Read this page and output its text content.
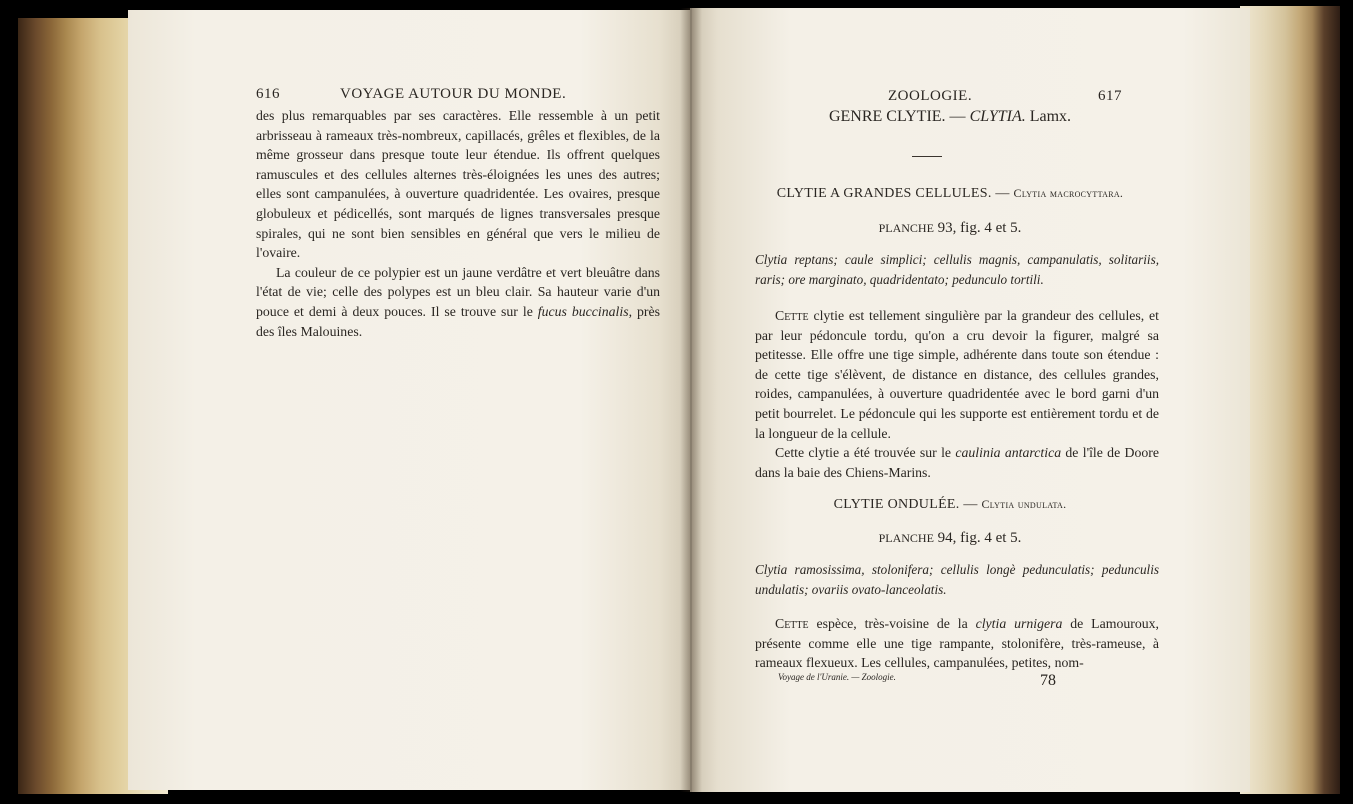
616	VOYAGE AUTOUR DU MONDE.

des plus remarquables par ses caractères. Elle ressemble à un petit arbrisseau à rameaux très-nombreux, capillacés, grêles et flexibles, de la même grosseur dans presque toute leur étendue. Ils offrent quelques ramuscules et des cellules alternes très-éloignées les unes des autres; elles sont campanulées, à ouverture quadridentée. Les ovaires, presque globuleux et pédicellés, sont marqués de lignes transversales presque spirales, qui ne sont bien sensibles en général que vers le milieu de l'ovaire.

La couleur de ce polypier est un jaune verdâtre et vert bleuâtre dans l'état de vie; celle des polypes est un bleu clair. Sa hauteur varie d'un pouce et demi à deux pouces. Il se trouve sur le fucus buccinalis, près des îles Malouines.

ZOOLOGIE.	617
GENRE CLYTIE. — CLYTIA. Lamx.
CLYTIE A GRANDES CELLULES. — Clytia macrocyttara.
PLANCHE 93, fig. 4 et 5.
Clytia reptans; caule simplici; cellulis magnis, campanulatis, solitariis, raris; ore marginato, quadridentato; pedunculo tortili.

Cette clytie est tellement singulière par la grandeur des cellules, et par leur pédoncule tordu, qu'on a cru devoir la figurer, malgré sa petitesse. Elle offre une tige simple, adhérente dans toute son étendue : de cette tige s'élèvent, de distance en distance, des cellules grandes, roides, campanulées, à ouverture quadridentée avec le bord garni d'un petit bourrelet. Le pédoncule qui les supporte est entièrement tordu et de la longueur de la cellule.

Cette clytie a été trouvée sur le caulinia antarctica de l'île de Doore dans la baie des Chiens-Marins.

CLYTIE ONDULÉE. — Clytia undulata.
PLANCHE 94, fig. 4 et 5.
Clytia ramosissima, stolonifera; cellulis longè pedunculatis; pedunculis undulatis; ovariis ovato-lanceolatis.

Cette espèce, très-voisine de la clytia urnigera de Lamouroux, présente comme elle une tige rampante, stolonifère, très-rameuse, à rameaux flexueux. Les cellules, campanulées, petites, nom-

Voyage de l'Uranie. — Zoologie.	78
